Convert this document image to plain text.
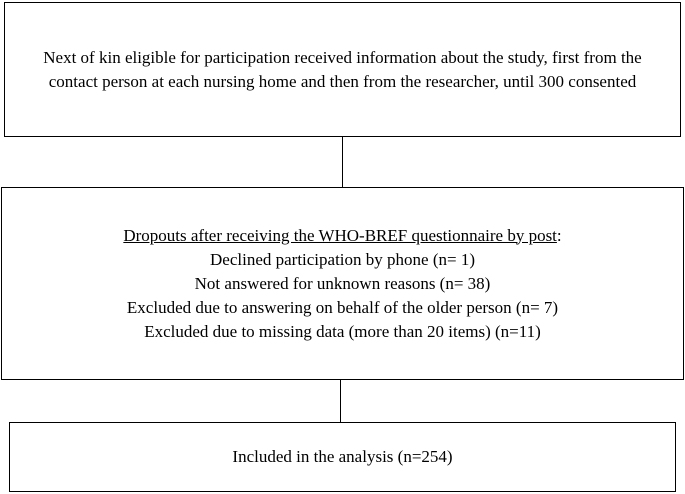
Next of kin eligible for participation received information about the study, first from the contact person at each nursing home and then from the researcher, until 300 consented
Dropouts after receiving the WHO-BREF questionnaire by post:
Declined participation by phone (n= 1)
Not answered for unknown reasons (n= 38)
Excluded due to answering on behalf of the older person (n= 7)
Excluded due to missing data (more than 20 items) (n=11)
Included in the analysis (n=254)
